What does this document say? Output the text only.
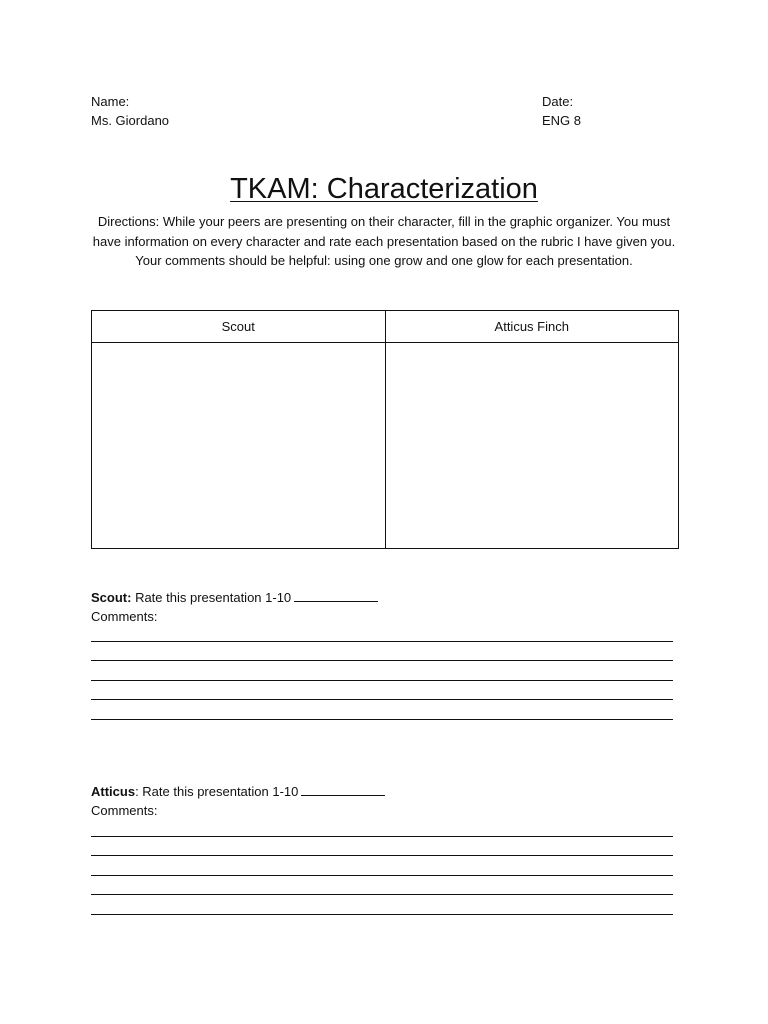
Name:
Ms. Giordano
Date:
ENG 8
TKAM: Characterization
Directions: While your peers are presenting on their character, fill in the graphic organizer. You must have information on every character and rate each presentation based on the rubric I have given you. Your comments should be helpful: using one grow and one glow for each presentation.
Scout	Atticus Finch

Scout: Rate this presentation 1-10
Comments:
Atticus: Rate this presentation 1-10
Comments:
